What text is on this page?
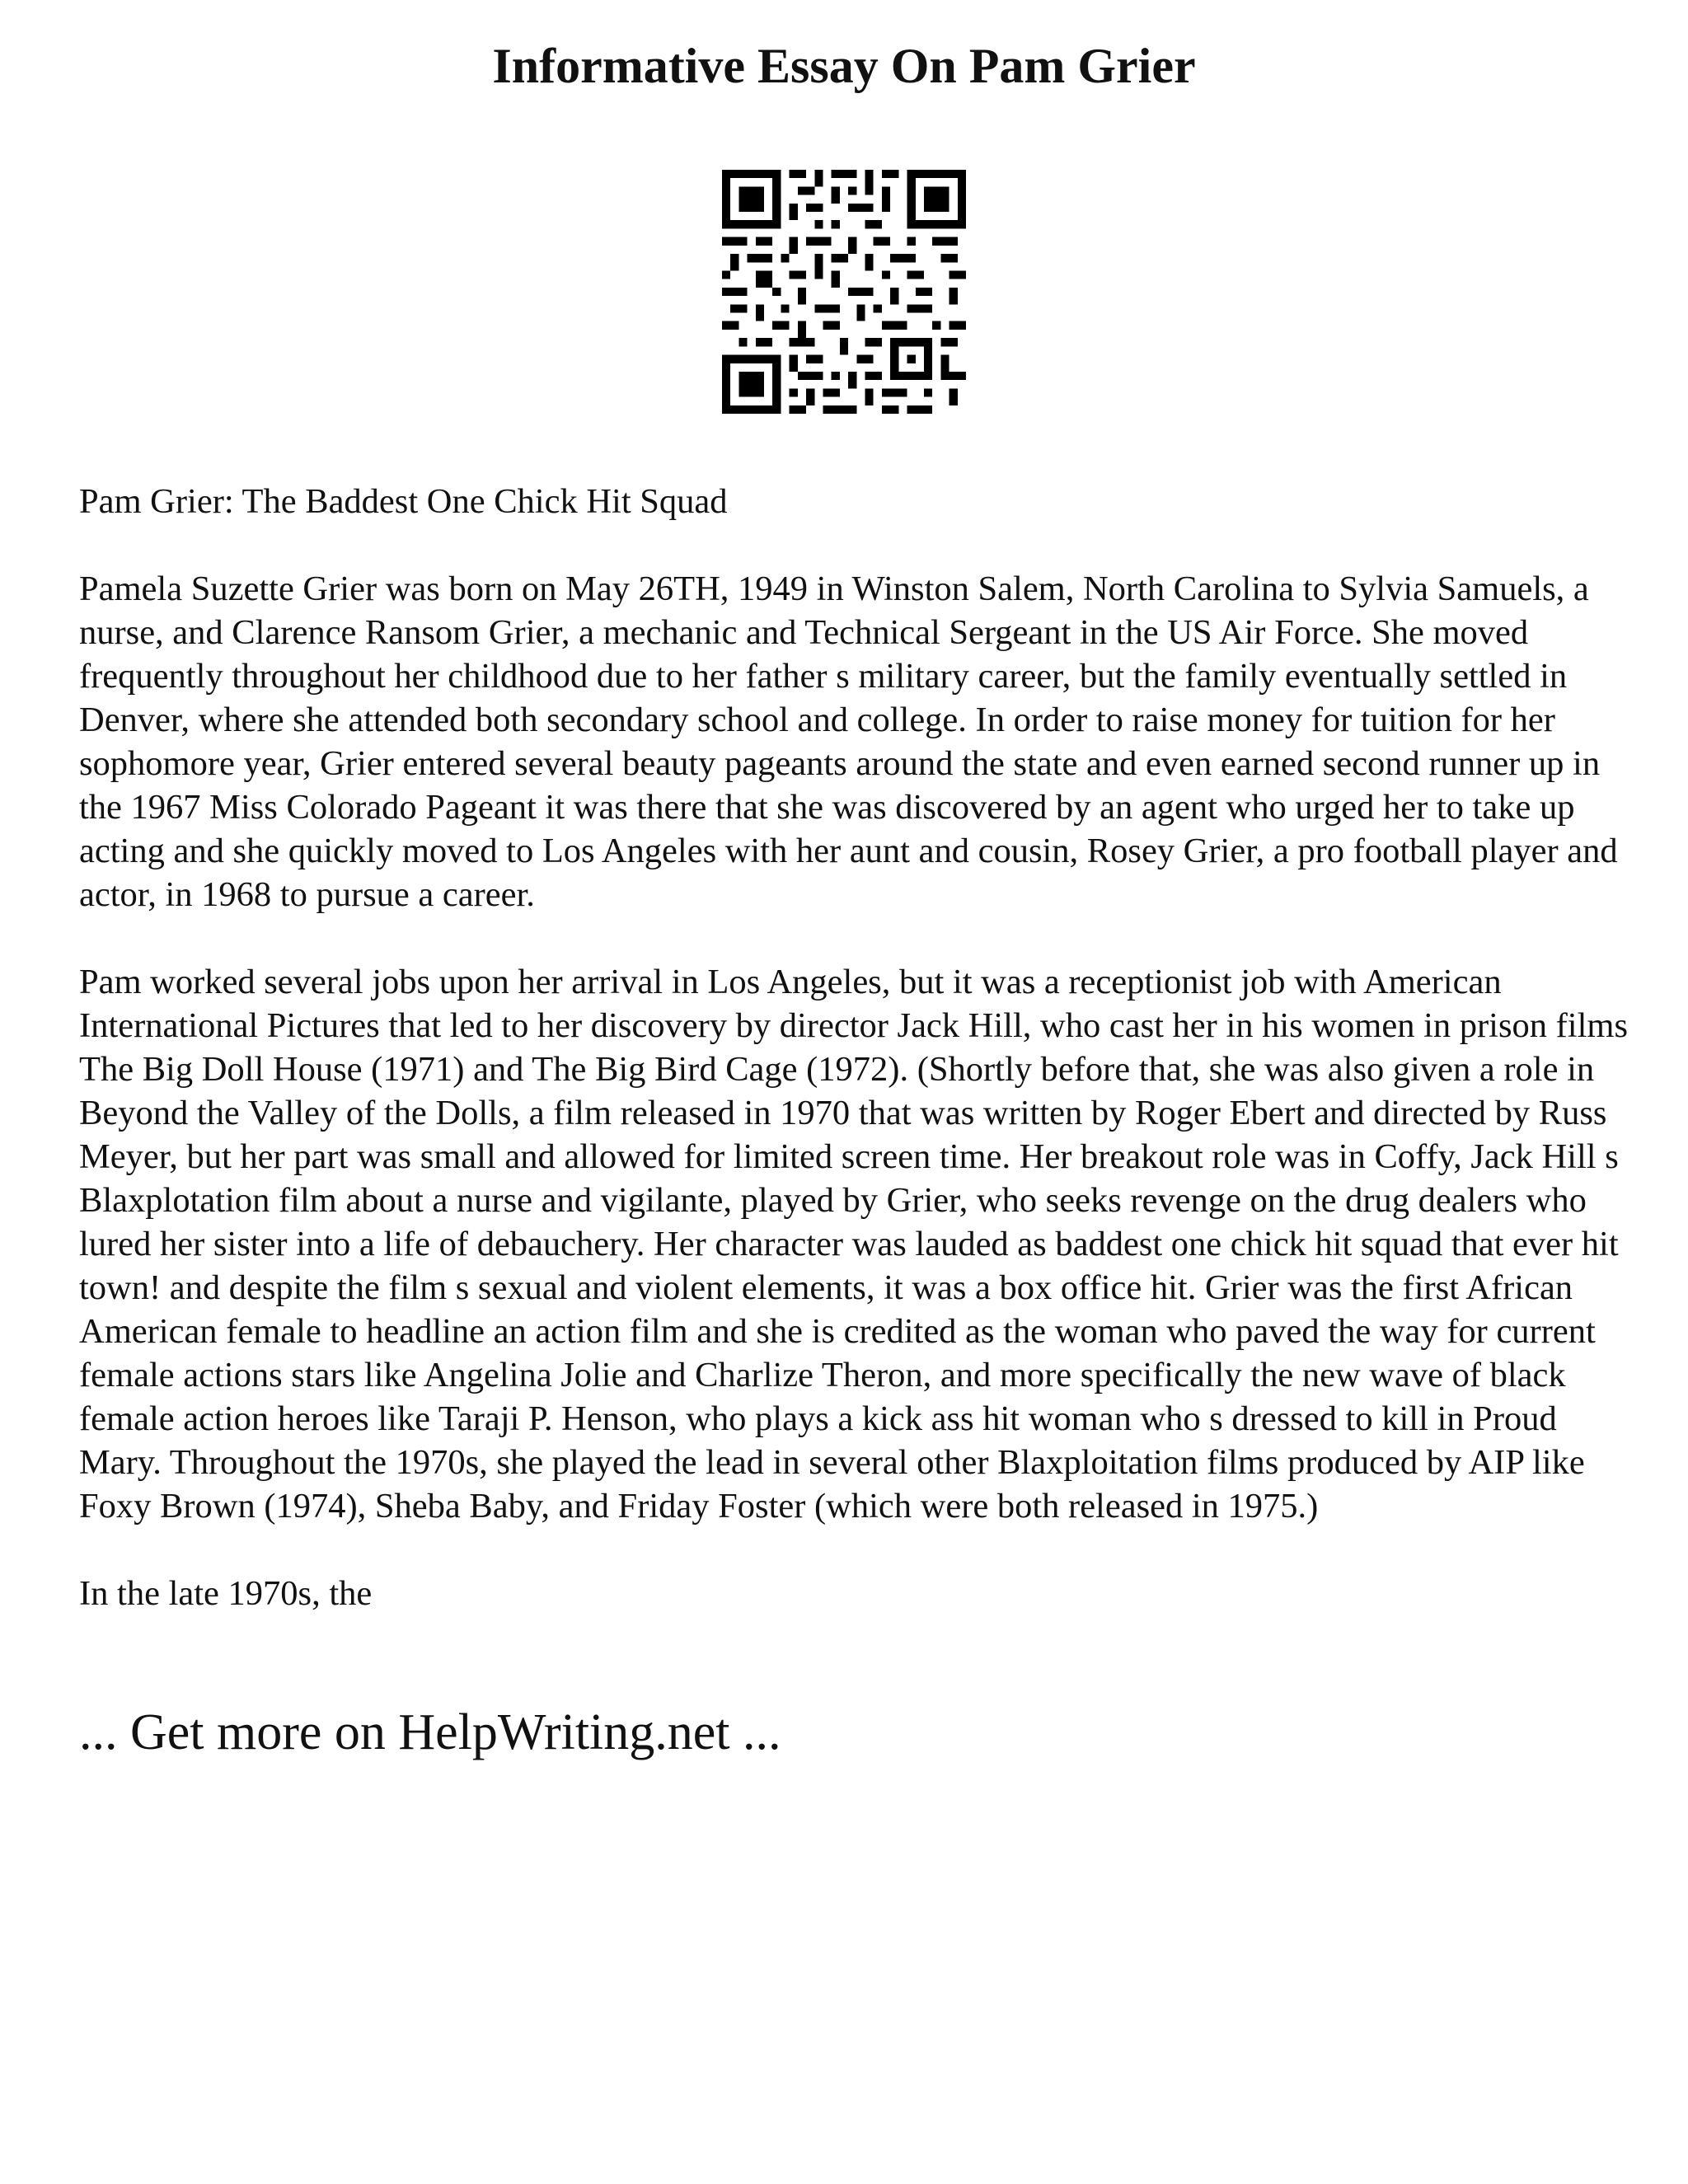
Informative Essay On Pam Grier

Pam Grier: The Baddest One Chick Hit Squad

Pamela Suzette Grier was born on May 26TH, 1949 in Winston Salem, North Carolina to Sylvia Samuels, a nurse, and Clarence Ransom Grier, a mechanic and Technical Sergeant in the US Air Force. She moved frequently throughout her childhood due to her father s military career, but the family eventually settled in Denver, where she attended both secondary school and college. In order to raise money for tuition for her sophomore year, Grier entered several beauty pageants around the state and even earned second runner up in the 1967 Miss Colorado Pageant it was there that she was discovered by an agent who urged her to take up acting and she quickly moved to Los Angeles with her aunt and cousin, Rosey Grier, a pro football player and actor, in 1968 to pursue a career.

Pam worked several jobs upon her arrival in Los Angeles, but it was a receptionist job with American International Pictures that led to her discovery by director Jack Hill, who cast her in his women in prison films The Big Doll House (1971) and The Big Bird Cage (1972). (Shortly before that, she was also given a role in Beyond the Valley of the Dolls, a film released in 1970 that was written by Roger Ebert and directed by Russ Meyer, but her part was small and allowed for limited screen time. Her breakout role was in Coffy, Jack Hill s Blaxplotation film about a nurse and vigilante, played by Grier, who seeks revenge on the drug dealers who lured her sister into a life of debauchery. Her character was lauded as baddest one chick hit squad that ever hit town! and despite the film s sexual and violent elements, it was a box office hit. Grier was the first African American female to headline an action film and she is credited as the woman who paved the way for current female actions stars like Angelina Jolie and Charlize Theron, and more specifically the new wave of black female action heroes like Taraji P. Henson, who plays a kick ass hit woman who s dressed to kill in Proud Mary. Throughout the 1970s, she played the lead in several other Blaxploitation films produced by AIP like Foxy Brown (1974), Sheba Baby, and Friday Foster (which were both released in 1975.)

In the late 1970s, the

... Get more on HelpWriting.net ...
